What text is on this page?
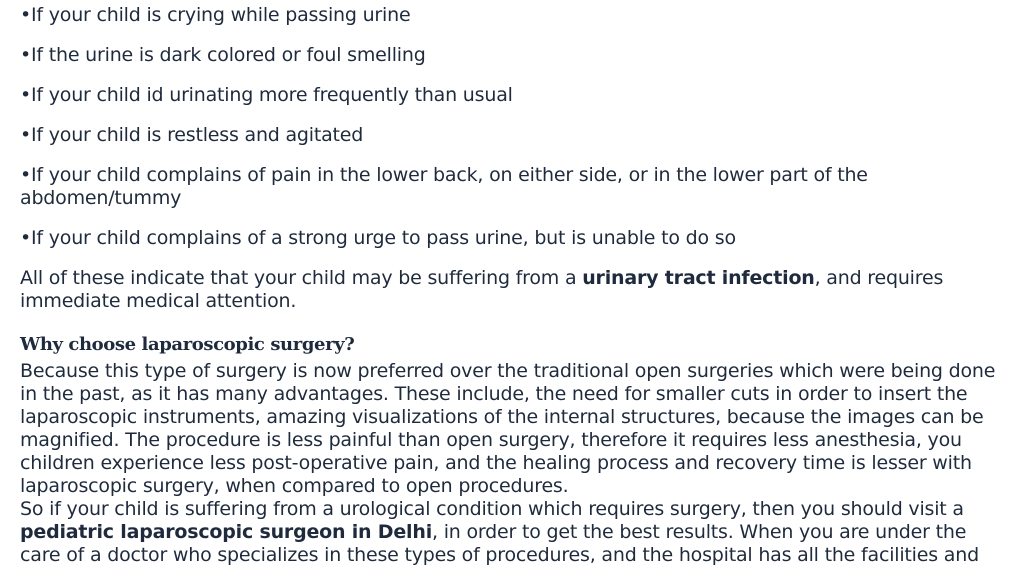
•If your child is crying while passing urine

•If the urine is dark colored or foul smelling

•If your child id urinating more frequently than usual

•If your child is restless and agitated

•If your child complains of pain in the lower back, on either side, or in the lower part of the abdomen/tummy

•If your child complains of a strong urge to pass urine, but is unable to do so

All of these indicate that your child may be suffering from a urinary tract infection, and requires immediate medical attention.

Why choose laparoscopic surgery?

Because this type of surgery is now preferred over the traditional open surgeries which were being done in the past, as it has many advantages. These include, the need for smaller cuts in order to insert the laparoscopic instruments, amazing visualizations of the internal structures, because the images can be magnified. The procedure is less painful than open surgery, therefore it requires less anesthesia, you children experience less post-operative pain, and the healing process and recovery time is lesser with laparoscopic surgery, when compared to open procedures.

So if your child is suffering from a urological condition which requires surgery, then you should visit a pediatric laparoscopic surgeon in Delhi, in order to get the best results. When you are under the care of a doctor who specializes in these types of procedures, and the hospital has all the facilities and
